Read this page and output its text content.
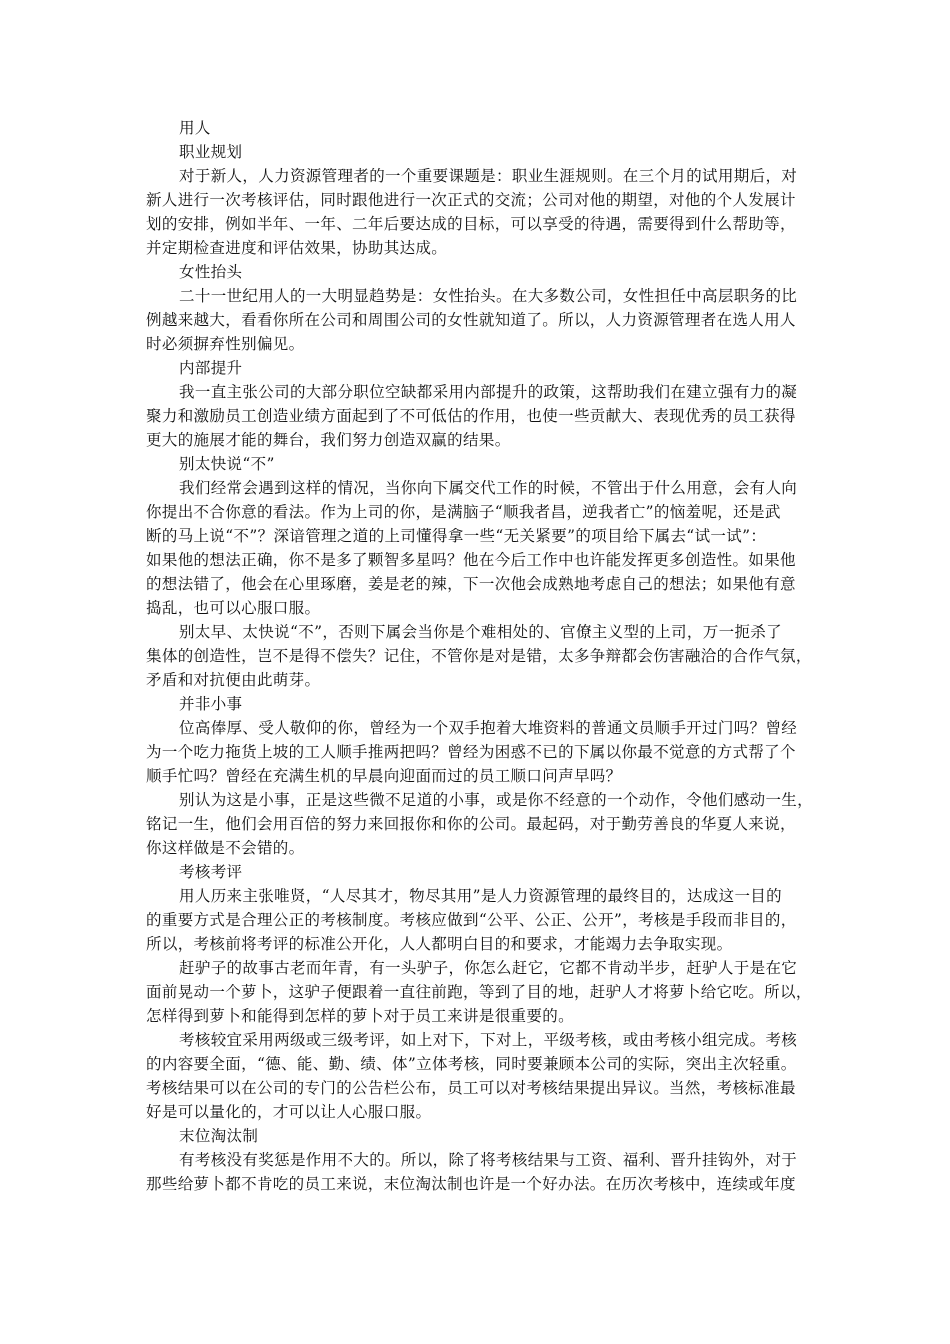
用人
职业规划
对于新人，人力资源管理者的一个重要课题是：职业生涯规则。在三个月的试用期后，对
新人进行一次考核评估，同时跟他进行一次正式的交流；公司对他的期望，对他的个人发展计
划的安排，例如半年、一年、二年后要达成的目标，可以享受的待遇，需要得到什么帮助等，
并定期检查进度和评估效果，协助其达成。
女性抬头
二十一世纪用人的一大明显趋势是：女性抬头。在大多数公司，女性担任中高层职务的比
例越来越大，看看你所在公司和周围公司的女性就知道了。所以，人力资源管理者在选人用人
时必须摒弃性别偏见。
内部提升
我一直主张公司的大部分职位空缺都采用内部提升的政策，这帮助我们在建立强有力的凝
聚力和激励员工创造业绩方面起到了不可低估的作用，也使一些贡献大、表现优秀的员工获得
更大的施展才能的舞台，我们努力创造双赢的结果。
别太快说“不”
我们经常会遇到这样的情况，当你向下属交代工作的时候，不管出于什么用意，会有人向
你提出不合你意的看法。作为上司的你，是满脑子“顺我者昌，逆我者亡”的恼羞呢，还是武
断的马上说“不”？深谙管理之道的上司懂得拿一些“无关紧要”的项目给下属去“试一试”：
如果他的想法正确，你不是多了颗智多星吗？他在今后工作中也许能发挥更多创造性。如果他
的想法错了，他会在心里琢磨，姜是老的辣，下一次他会成熟地考虑自己的想法；如果他有意
捣乱，也可以心服口服。
别太早、太快说“不”，否则下属会当你是个难相处的、官僚主义型的上司，万一扼杀了
集体的创造性，岂不是得不偿失？记住，不管你是对是错，太多争辩都会伤害融洽的合作气氛，
矛盾和对抗便由此萌芽。
并非小事
位高俸厚、受人敬仰的你，曾经为一个双手抱着大堆资料的普通文员顺手开过门吗？曾经
为一个吃力拖货上坡的工人顺手推两把吗？曾经为困惑不已的下属以你最不觉意的方式帮了个
顺手忙吗？曾经在充满生机的早晨向迎面而过的员工顺口问声早吗？
别认为这是小事，正是这些微不足道的小事，或是你不经意的一个动作，令他们感动一生，
铭记一生，他们会用百倍的努力来回报你和你的公司。最起码，对于勤劳善良的华夏人来说，
你这样做是不会错的。
考核考评
用人历来主张唯贤，“人尽其才，物尽其用”是人力资源管理的最终目的，达成这一目的
的重要方式是合理公正的考核制度。考核应做到“公平、公正、公开”，考核是手段而非目的，
所以，考核前将考评的标准公开化，人人都明白目的和要求，才能竭力去争取实现。
赶驴子的故事古老而年青，有一头驴子，你怎么赶它，它都不肯动半步，赶驴人于是在它
面前晃动一个萝卜，这驴子便跟着一直往前跑，等到了目的地，赶驴人才将萝卜给它吃。所以，
怎样得到萝卜和能得到怎样的萝卜对于员工来讲是很重要的。
考核较宜采用两级或三级考评，如上对下，下对上，平级考核，或由考核小组完成。考核
的内容要全面，“德、能、勤、绩、体”立体考核，同时要兼顾本公司的实际，突出主次轻重。
考核结果可以在公司的专门的公告栏公布，员工可以对考核结果提出异议。当然，考核标准最
好是可以量化的，才可以让人心服口服。
末位淘汰制
有考核没有奖惩是作用不大的。所以，除了将考核结果与工资、福利、晋升挂钩外，对于
那些给萝卜都不肯吃的员工来说，末位淘汰制也许是一个好办法。在历次考核中，连续或年度
